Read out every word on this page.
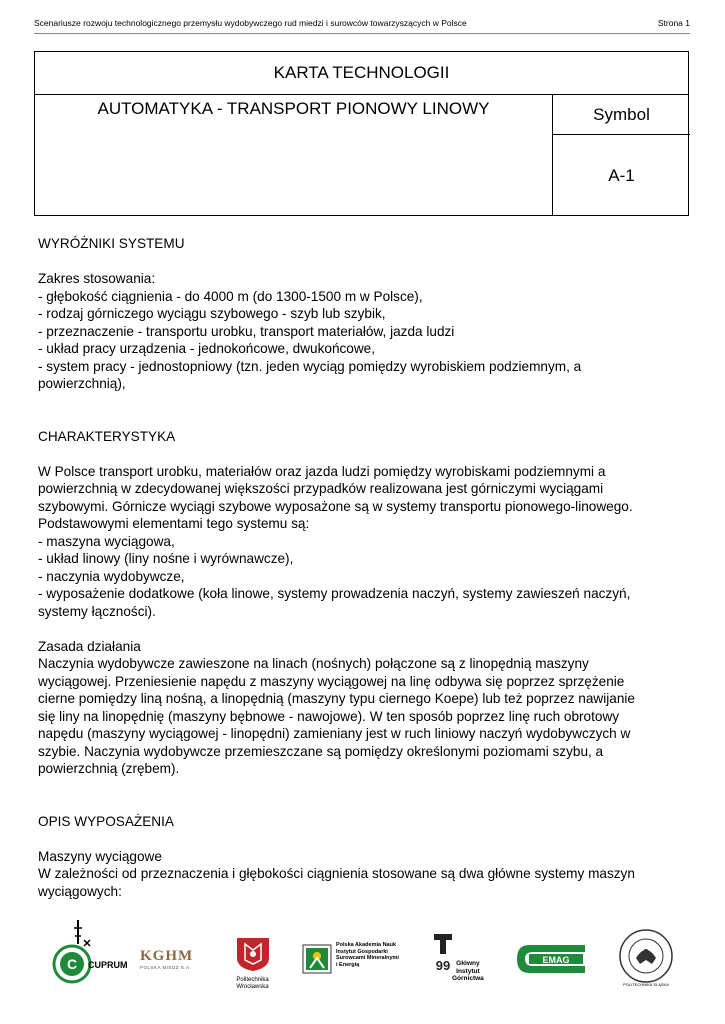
Scenariusze rozwoju technologicznego przemysłu wydobywczego rud miedzi i surowców towarzyszących w Polsce	Strona 1
KARTA TECHNOLOGII
AUTOMATYKA - TRANSPORT PIONOWY LINOWY	Symbol
A-1

WYRÓŻNIKI SYSTEMU

Zakres stosowania:

- głębokość ciągnienia - do 4000 m (do 1300-1500 m w Polsce),

- rodzaj górniczego wyciągu szybowego - szyb lub szybik,

- przeznaczenie - transportu urobku, transport materiałów, jazda ludzi

- układ pracy urządzenia - jednokońcowe, dwukońcowe,

- system pracy - jednostopniowy (tzn. jeden wyciąg pomiędzy wyrobiskiem podziemnym, a

powierzchnią),

CHARAKTERYSTYKA

W Polsce transport urobku, materiałów oraz jazda ludzi pomiędzy wyrobiskami podziemnymi a

powierzchnią w zdecydowanej większości przypadków realizowana jest górniczymi wyciągami

szybowymi. Górnicze wyciągi szybowe wyposażone są w systemy transportu pionowego-linowego.

Podstawowymi elementami tego systemu są:

- maszyna wyciągowa,

- układ linowy (liny nośne i wyrównawcze),

- naczynia wydobywcze,

- wyposażenie dodatkowe (koła linowe, systemy prowadzenia naczyń, systemy zawieszeń naczyń,

systemy łączności).

Zasada działania

Naczynia wydobywcze zawieszone na linach (nośnych) połączone są z linopędnią maszyny

wyciągowej. Przeniesienie napędu z maszyny wyciągowej na linę odbywa się poprzez sprzężenie

cierne pomiędzy liną nośną, a linopędnią (maszyny typu ciernego Koepe) lub też poprzez nawijanie

się liny na linopędnię (maszyny bębnowe - nawojowe). W ten sposób poprzez linę ruch obrotowy

napędu (maszyny wyciągowej - linopędni) zamieniany jest w ruch liniowy naczyń wydobywczych w

szybie. Naczynia wydobywcze przemieszczane są pomiędzy określonymi poziomami szybu, a

powierzchnią (zrębem).

OPIS WYPOSAŻENIA

Maszyny wyciągowe

W zależności od przeznaczenia i głębokości ciągnienia stosowane są dwa główne systemy maszyn

wyciągowych:

C CUPRUM
KGHM
POLSKA MIEDŹ S.A.
Politechnika
Wrocławska
Polska Akademia Nauk
Instytut Gospodarki
Surowcami Mineralnymi
i Energią	99 Główny
Instytut
Górnictwa
EMAG
POLITECHNIKA ŚLĄSKA
